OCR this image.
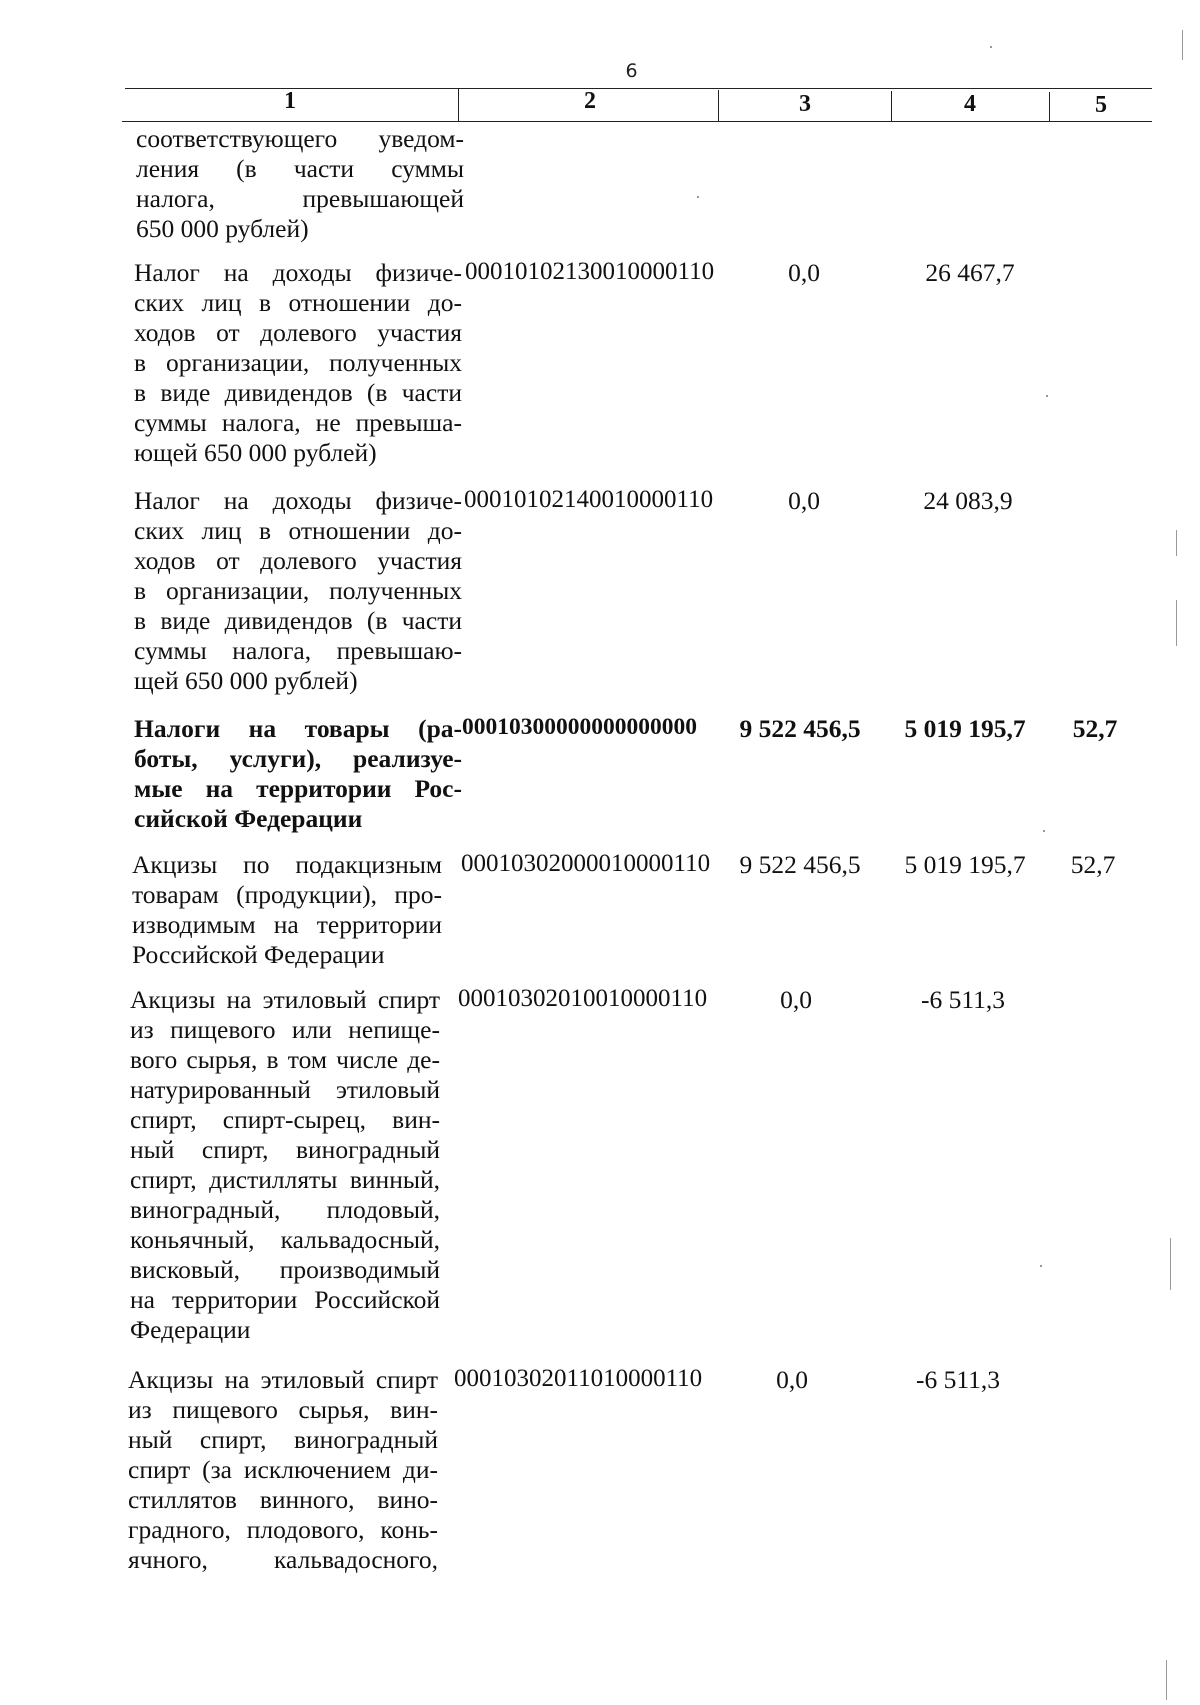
6
1	2	3	4	5
соответствующего уведом-
ления (в части суммы
налога, превышающей
650 000 рублей)
Налог на доходы физиче-
ских лиц в отношении до-
ходов от долевого участия
в организации, полученных
в виде дивидендов (в части
суммы налога, не превыша-
ющей 650 000 рублей)
00010102130010000110	0,0	26 467,7
Налог на доходы физиче-
ских лиц в отношении до-
ходов от долевого участия
в организации, полученных
в виде дивидендов (в части
суммы налога, превышаю-
щей 650 000 рублей)
00010102140010000110	0,0	24 083,9
Налоги на товары (ра-
боты, услуги), реализуе-
мые на территории Рос-
сийской Федерации
00010300000000000000	9 522 456,5	5 019 195,7	52,7
Акцизы по подакцизным
товарам (продукции), про-
изводимым на территории
Российской Федерации
00010302000010000110	9 522 456,5	5 019 195,7	52,7
Акцизы на этиловый спирт
из пищевого или непище-
вого сырья, в том числе де-
натурированный этиловый
спирт, спирт-сырец, вин-
ный спирт, виноградный
спирт, дистилляты винный,
виноградный, плодовый,
коньячный, кальвадосный,
висковый, производимый
на территории Российской
Федерации
00010302010010000110	0,0	-6 511,3
Акцизы на этиловый спирт
из пищевого сырья, вин-
ный спирт, виноградный
спирт (за исключением ди-
стиллятов винного, вино-
градного, плодового, конь-
ячного, кальвадосного,
00010302011010000110	0,0	-6 511,3
